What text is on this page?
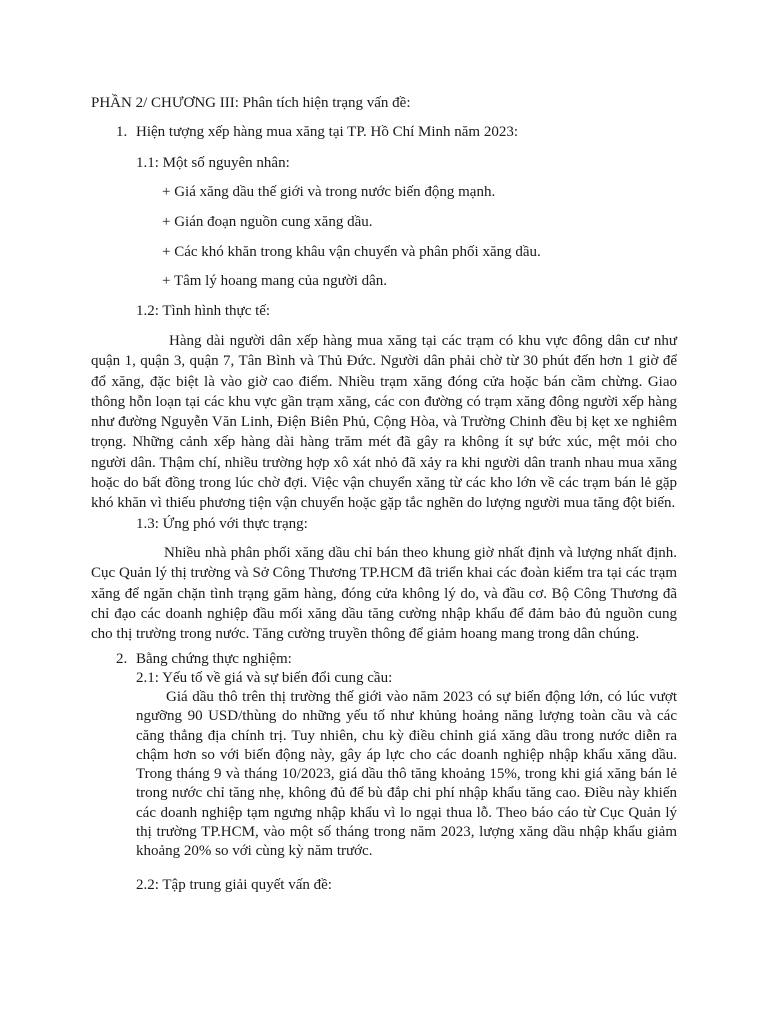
PHẦN 2/ CHƯƠNG III: Phân tích hiện trạng vấn đề:

1. Hiện tượng xếp hàng mua xăng tại TP. Hồ Chí Minh năm 2023:

1.1: Một số nguyên nhân:

+ Giá xăng dầu thế giới và trong nước biến động mạnh.

+ Gián đoạn nguồn cung xăng dầu.

+ Các khó khăn trong khâu vận chuyển và phân phối xăng dầu.

+ Tâm lý hoang mang của người dân.

1.2: Tình hình thực tế:

Hàng dài người dân xếp hàng mua xăng tại các trạm có khu vực đông dân cư như quận 1, quận 3, quận 7, Tân Bình và Thủ Đức. Người dân phải chờ từ 30 phút đến hơn 1 giờ để đổ xăng, đặc biệt là vào giờ cao điểm. Nhiều trạm xăng đóng cửa hoặc bán cầm chừng. Giao thông hỗn loạn tại các khu vực gần trạm xăng, các con đường có trạm xăng đông người xếp hàng như đường Nguyễn Văn Linh, Điện Biên Phủ, Cộng Hòa, và Trường Chinh đều bị kẹt xe nghiêm trọng. Những cảnh xếp hàng dài hàng trăm mét đã gây ra không ít sự bức xúc, mệt mỏi cho người dân. Thậm chí, nhiều trường hợp xô xát nhỏ đã xảy ra khi người dân tranh nhau mua xăng hoặc do bất đồng trong lúc chờ đợi. Việc vận chuyển xăng từ các kho lớn về các trạm bán lẻ gặp khó khăn vì thiếu phương tiện vận chuyển hoặc gặp tắc nghẽn do lượng người mua tăng đột biến.

1.3: Ứng phó với thực trạng:

Nhiều nhà phân phối xăng dầu chỉ bán theo khung giờ nhất định và lượng nhất định. Cục Quản lý thị trường và Sở Công Thương TP.HCM đã triển khai các đoàn kiểm tra tại các trạm xăng để ngăn chặn tình trạng găm hàng, đóng cửa không lý do, và đầu cơ. Bộ Công Thương đã chỉ đạo các doanh nghiệp đầu mối xăng dầu tăng cường nhập khẩu để đảm bảo đủ nguồn cung cho thị trường trong nước. Tăng cường truyền thông để giảm hoang mang trong dân chúng.

2. Bằng chứng thực nghiệm:

2.1: Yếu tố về giá và sự biến đổi cung cầu:

Giá dầu thô trên thị trường thế giới vào năm 2023 có sự biến động lớn, có lúc vượt ngưỡng 90 USD/thùng do những yếu tố như khủng hoảng năng lượng toàn cầu và các căng thẳng địa chính trị. Tuy nhiên, chu kỳ điều chỉnh giá xăng dầu trong nước diễn ra chậm hơn so với biến động này, gây áp lực cho các doanh nghiệp nhập khẩu xăng dầu. Trong tháng 9 và tháng 10/2023, giá dầu thô tăng khoảng 15%, trong khi giá xăng bán lẻ trong nước chỉ tăng nhẹ, không đủ để bù đắp chi phí nhập khẩu tăng cao. Điều này khiến các doanh nghiệp tạm ngưng nhập khẩu vì lo ngại thua lỗ. Theo báo cáo từ Cục Quản lý thị trường TP.HCM, vào một số tháng trong năm 2023, lượng xăng dầu nhập khẩu giảm khoảng 20% so với cùng kỳ năm trước.

2.2: Tập trung giải quyết vấn đề:
